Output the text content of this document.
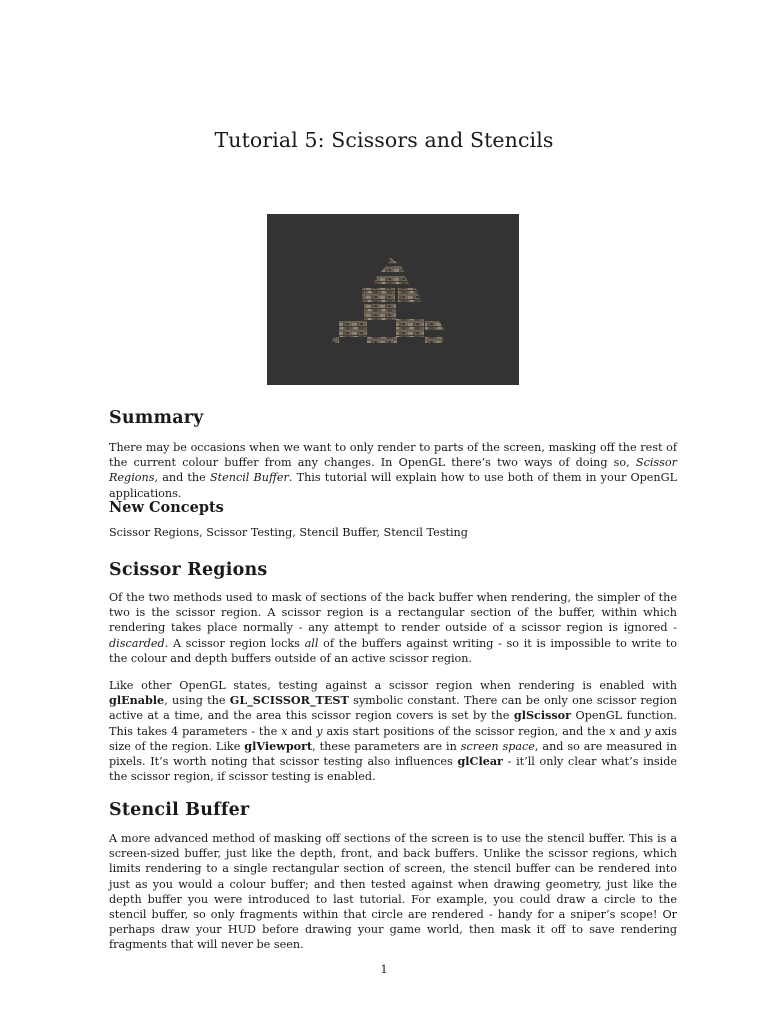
Tutorial 5: Scissors and Stencils
Summary

There may be occasions when we want to only render to parts of the screen, masking off the rest of the current colour buffer from any changes. In OpenGL there’s two ways of doing so, Scissor Regions, and the Stencil Buffer. This tutorial will explain how to use both of them in your OpenGL applications.

New Concepts

Scissor Regions, Scissor Testing, Stencil Buffer, Stencil Testing

Scissor Regions

Of the two methods used to mask of sections of the back buffer when rendering, the simpler of the two is the scissor region. A scissor region is a rectangular section of the buffer, within which rendering takes place normally - any attempt to render outside of a scissor region is ignored - discarded. A scissor region locks all of the buffers against writing - so it is impossible to write to the colour and depth buffers outside of an active scissor region.

Like other OpenGL states, testing against a scissor region when rendering is enabled with glEnable, using the GL_SCISSOR_TEST symbolic constant. There can be only one scissor region active at a time, and the area this scissor region covers is set by the glScissor OpenGL function. This takes 4 parameters - the x and y axis start positions of the scissor region, and the x and y axis size of the region. Like glViewport, these parameters are in screen space, and so are measured in pixels. It’s worth noting that scissor testing also influences glClear - it’ll only clear what’s inside the scissor region, if scissor testing is enabled.

Stencil Buffer

A more advanced method of masking off sections of the screen is to use the stencil buffer. This is a screen-sized buffer, just like the depth, front, and back buffers. Unlike the scissor regions, which limits rendering to a single rectangular section of screen, the stencil buffer can be rendered into just as you would a colour buffer; and then tested against when drawing geometry, just like the depth buffer you were introduced to last tutorial. For example, you could draw a circle to the stencil buffer, so only fragments within that circle are rendered - handy for a sniper’s scope! Or perhaps draw your HUD before drawing your game world, then mask it off to save rendering fragments that will never be seen.

1
